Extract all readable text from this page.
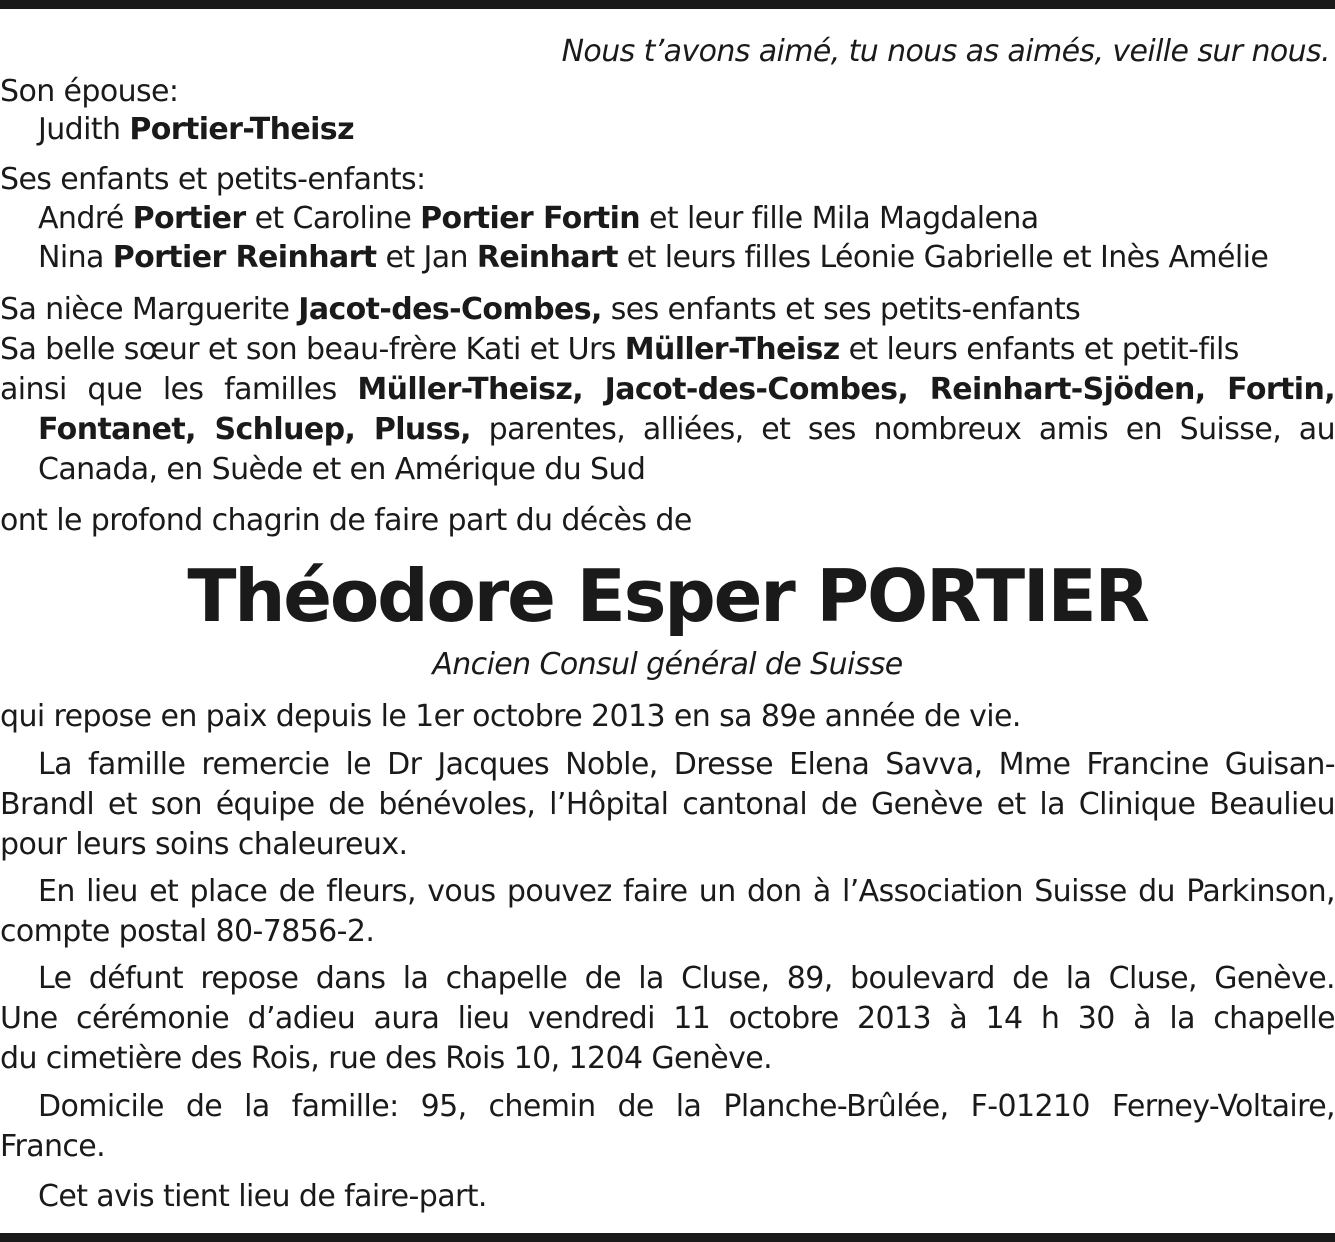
Nous t’avons aimé, tu nous as aimés, veille sur nous.
Son épouse:
Judith Portier-Theisz
Ses enfants et petits-enfants:
André Portier et Caroline Portier Fortin et leur fille Mila Magdalena
Nina Portier Reinhart et Jan Reinhart et leurs filles Léonie Gabrielle et Inès Amélie
Sa nièce Marguerite Jacot-des-Combes, ses enfants et ses petits-enfants
Sa belle sœur et son beau-frère Kati et Urs Müller-Theisz et leurs enfants et petit-fils
ainsi que les familles Müller-Theisz, Jacot-des-Combes, Reinhart-Sjöden, Fortin,
Fontanet, Schluep, Pluss, parentes, alliées, et ses nombreux amis en Suisse, au
Canada, en Suède et en Amérique du Sud
ont le profond chagrin de faire part du décès de
Théodore Esper PORTIER
Ancien Consul général de Suisse
qui repose en paix depuis le 1er octobre 2013 en sa 89e année de vie.
La famille remercie le Dr Jacques Noble, Dresse Elena Savva, Mme Francine Guisan-
Brandl et son équipe de bénévoles, l’Hôpital cantonal de Genève et la Clinique Beaulieu
pour leurs soins chaleureux.
En lieu et place de fleurs, vous pouvez faire un don à l’Association Suisse du Parkinson,
compte postal 80-7856-2.
Le défunt repose dans la chapelle de la Cluse, 89, boulevard de la Cluse, Genève.
Une cérémonie d’adieu aura lieu vendredi 11 octobre 2013 à 14 h 30 à la chapelle
du cimetière des Rois, rue des Rois 10, 1204 Genève.
Domicile de la famille: 95, chemin de la Planche-Brûlée, F-01210 Ferney-Voltaire,
France.
Cet avis tient lieu de faire-part.
